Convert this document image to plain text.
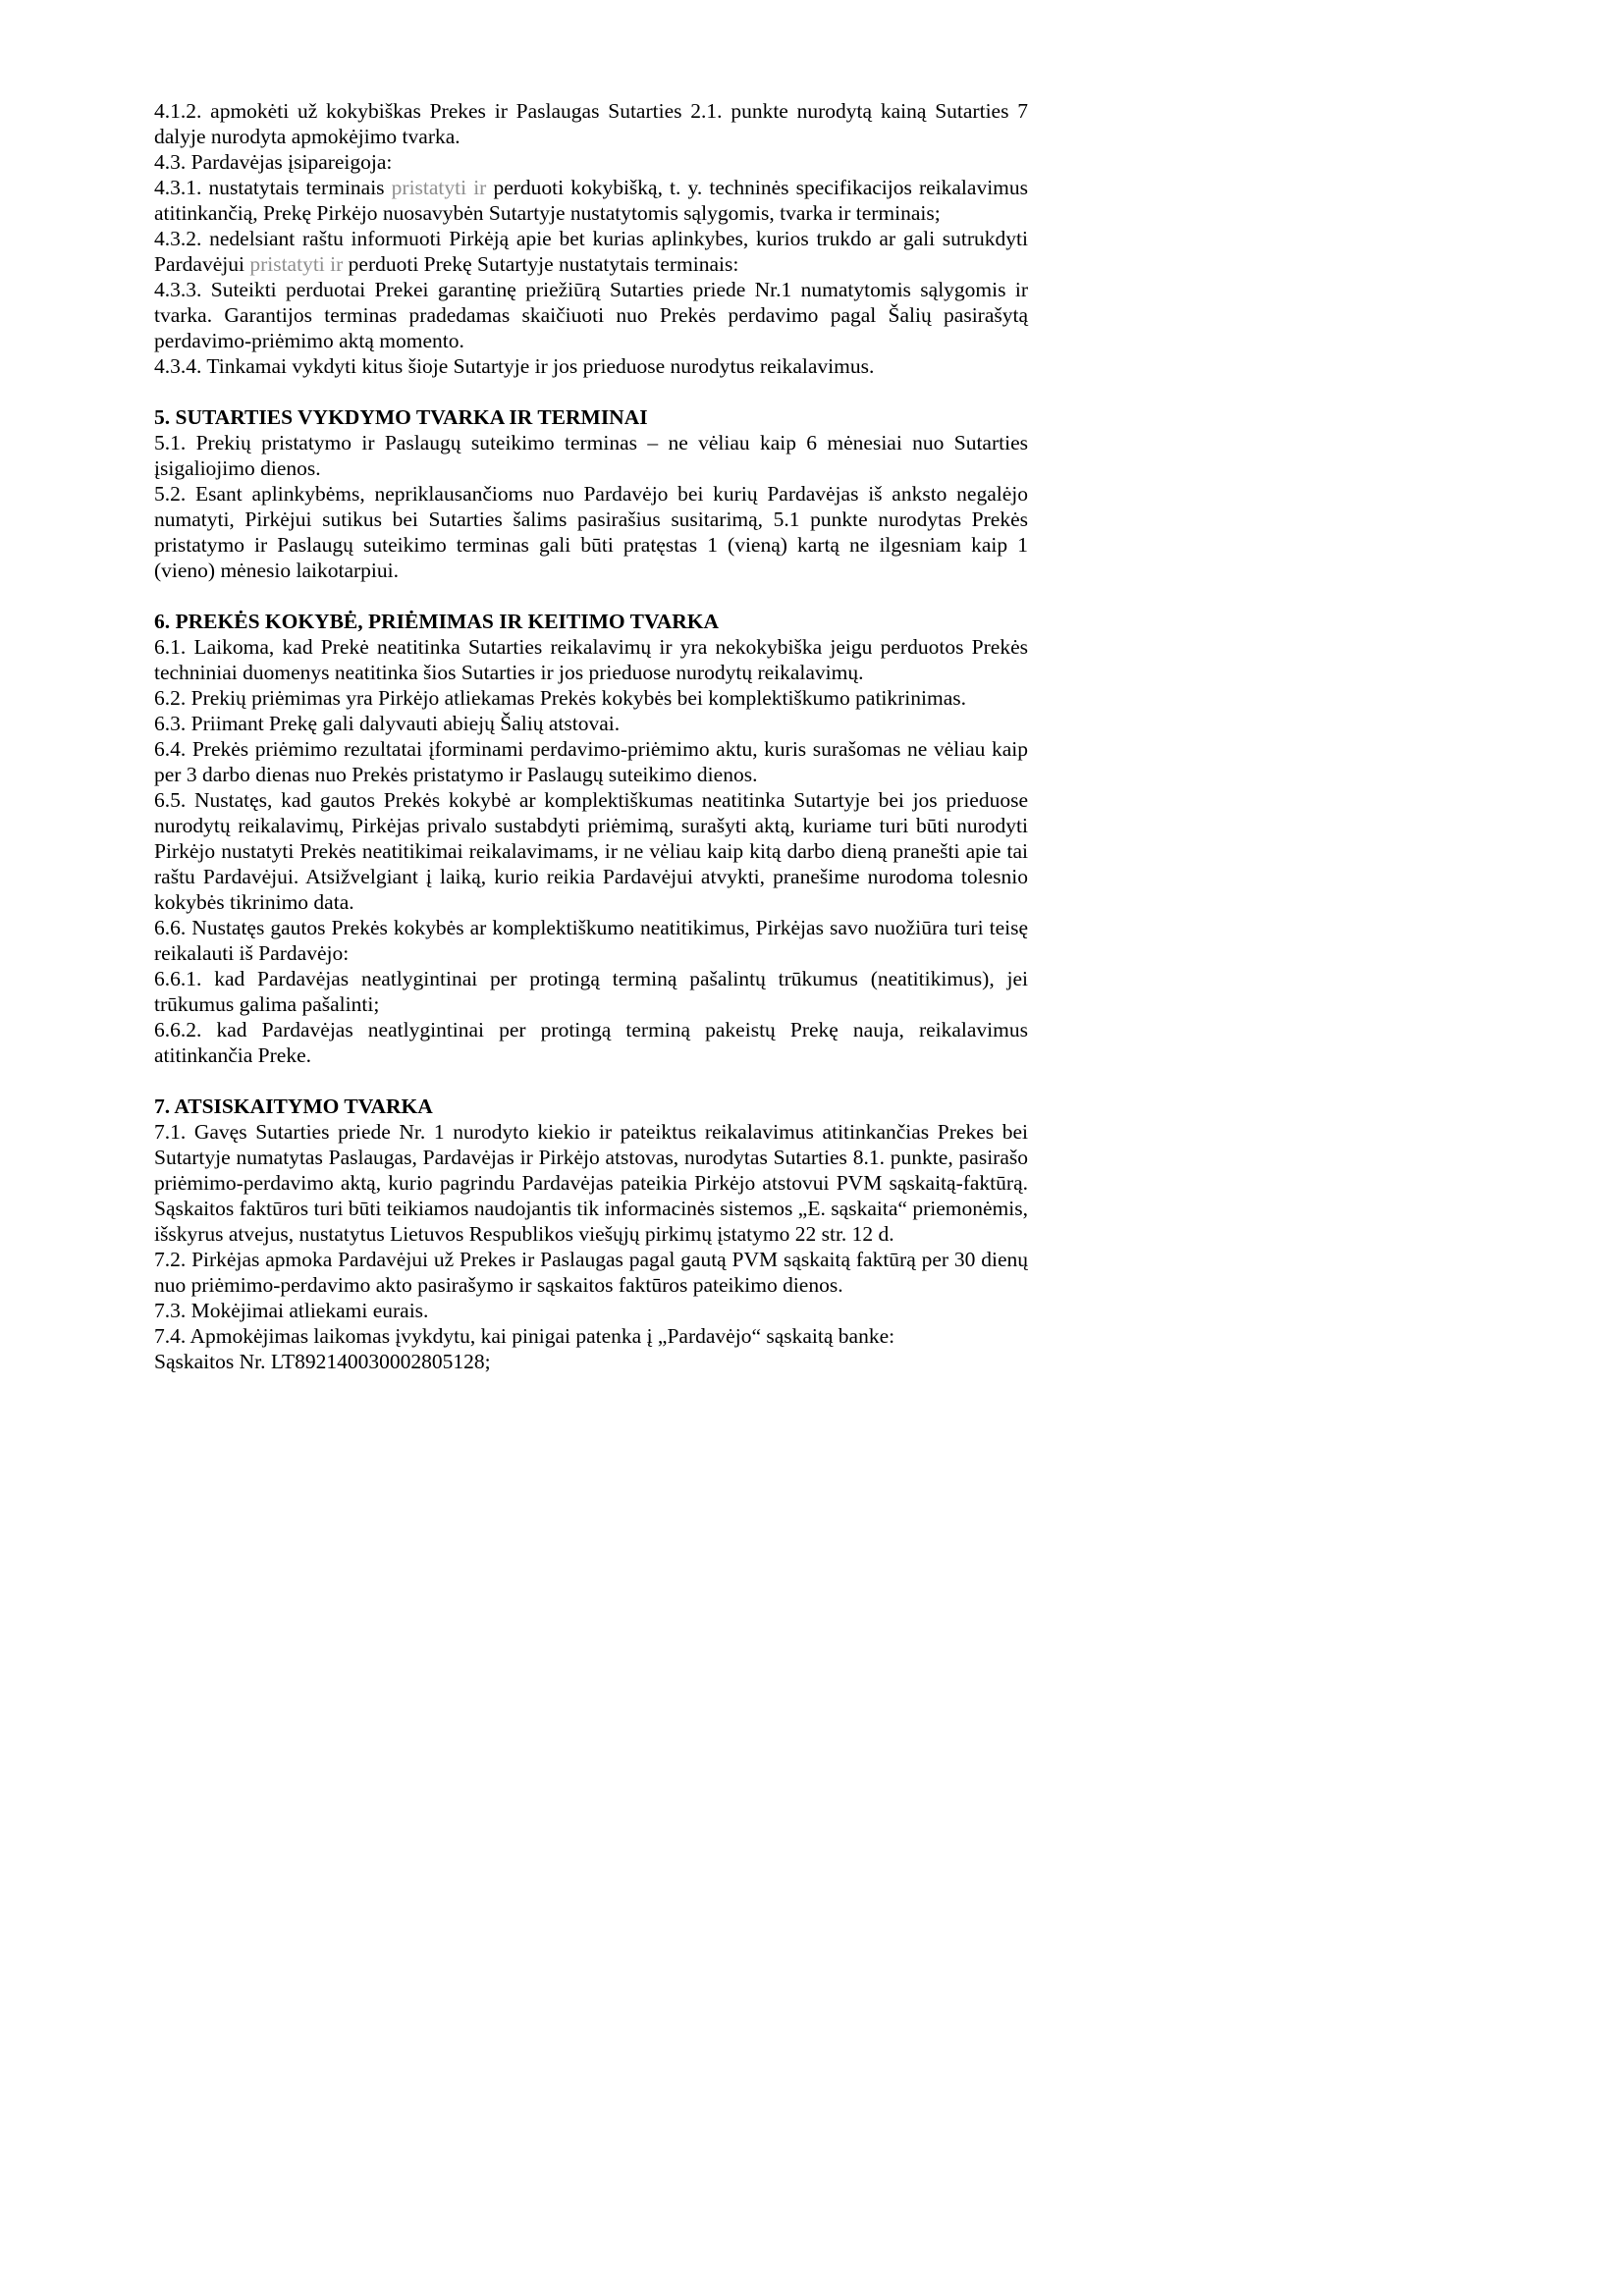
4.1.2. apmokėti už kokybiškas Prekes ir Paslaugas Sutarties 2.1. punkte nurodytą kainą Sutarties 7 dalyje nurodyta apmokėjimo tvarka.

4.3. Pardavėjas įsipareigoja:

4.3.1. nustatytais terminais pristatyti ir perduoti kokybišką, t. y. techninės specifikacijos reikalavimus atitinkančią, Prekę Pirkėjo nuosavybėn Sutartyje nustatytomis sąlygomis, tvarka ir terminais;

4.3.2. nedelsiant raštu informuoti Pirkėją apie bet kurias aplinkybes, kurios trukdo ar gali sutrukdyti Pardavėjui pristatyti ir perduoti Prekę Sutartyje nustatytais terminais:

4.3.3. Suteikti perduotai Prekei garantinę priežiūrą Sutarties priede Nr.1 numatytomis sąlygomis ir tvarka. Garantijos terminas pradedamas skaičiuoti nuo Prekės perdavimo pagal Šalių pasirašytą perdavimo-priėmimo aktą momento.

4.3.4. Tinkamai vykdyti kitus šioje Sutartyje ir jos prieduose nurodytus reikalavimus.

5. SUTARTIES VYKDYMO TVARKA IR TERMINAI

5.1. Prekių pristatymo ir Paslaugų suteikimo terminas – ne vėliau kaip 6 mėnesiai nuo Sutarties įsigaliojimo dienos.

5.2. Esant aplinkybėms, nepriklausančioms nuo Pardavėjo bei kurių Pardavėjas iš anksto negalėjo numatyti, Pirkėjui sutikus bei Sutarties šalims pasirašius susitarimą, 5.1 punkte nurodytas Prekės pristatymo ir Paslaugų suteikimo terminas gali būti pratęstas 1 (vieną) kartą ne ilgesniam kaip 1 (vieno) mėnesio laikotarpiui.

6. PREKĖS KOKYBĖ, PRIĖMIMAS IR KEITIMO TVARKA

6.1. Laikoma, kad Prekė neatitinka Sutarties reikalavimų ir yra nekokybiška jeigu perduotos Prekės techniniai duomenys neatitinka šios Sutarties ir jos prieduose nurodytų reikalavimų.

6.2. Prekių priėmimas yra Pirkėjo atliekamas Prekės kokybės bei komplektiškumo patikrinimas.

6.3. Priimant Prekę gali dalyvauti abiejų Šalių atstovai.

6.4. Prekės priėmimo rezultatai įforminami perdavimo-priėmimo aktu, kuris surašomas ne vėliau kaip per 3 darbo dienas nuo Prekės pristatymo ir Paslaugų suteikimo dienos.

6.5. Nustatęs, kad gautos Prekės kokybė ar komplektiškumas neatitinka Sutartyje bei jos prieduose nurodytų reikalavimų, Pirkėjas privalo sustabdyti priėmimą, surašyti aktą, kuriame turi būti nurodyti Pirkėjo nustatyti Prekės neatitikimai reikalavimams, ir ne vėliau kaip kitą darbo dieną pranešti apie tai raštu Pardavėjui. Atsižvelgiant į laiką, kurio reikia Pardavėjui atvykti, pranešime nurodoma tolesnio kokybės tikrinimo data.

6.6. Nustatęs gautos Prekės kokybės ar komplektiškumo neatitikimus, Pirkėjas savo nuožiūra turi teisę reikalauti iš Pardavėjo:

6.6.1. kad Pardavėjas neatlygintinai per protingą terminą pašalintų trūkumus (neatitikimus), jei trūkumus galima pašalinti;

6.6.2. kad Pardavėjas neatlygintinai per protingą terminą pakeistų Prekę nauja, reikalavimus atitinkančia Preke.

7. ATSISKAITYMO TVARKA

7.1. Gavęs Sutarties priede Nr. 1 nurodyto kiekio ir pateiktus reikalavimus atitinkančias Prekes bei Sutartyje numatytas Paslaugas, Pardavėjas ir Pirkėjo atstovas, nurodytas Sutarties 8.1. punkte, pasirašo priėmimo-perdavimo aktą, kurio pagrindu Pardavėjas pateikia Pirkėjo atstovui PVM sąskaitą-faktūrą. Sąskaitos faktūros turi būti teikiamos naudojantis tik informacinės sistemos „E. sąskaita“ priemonėmis, išskyrus atvejus, nustatytus Lietuvos Respublikos viešųjų pirkimų įstatymo 22 str. 12 d.

7.2. Pirkėjas apmoka Pardavėjui už Prekes ir Paslaugas pagal gautą PVM sąskaitą faktūrą per 30 dienų nuo priėmimo-perdavimo akto pasirašymo ir sąskaitos faktūros pateikimo dienos.

7.3. Mokėjimai atliekami eurais.

7.4. Apmokėjimas laikomas įvykdytu, kai pinigai patenka į „Pardavėjo“ sąskaitą banke:

Sąskaitos Nr. LT892140030002805128;
